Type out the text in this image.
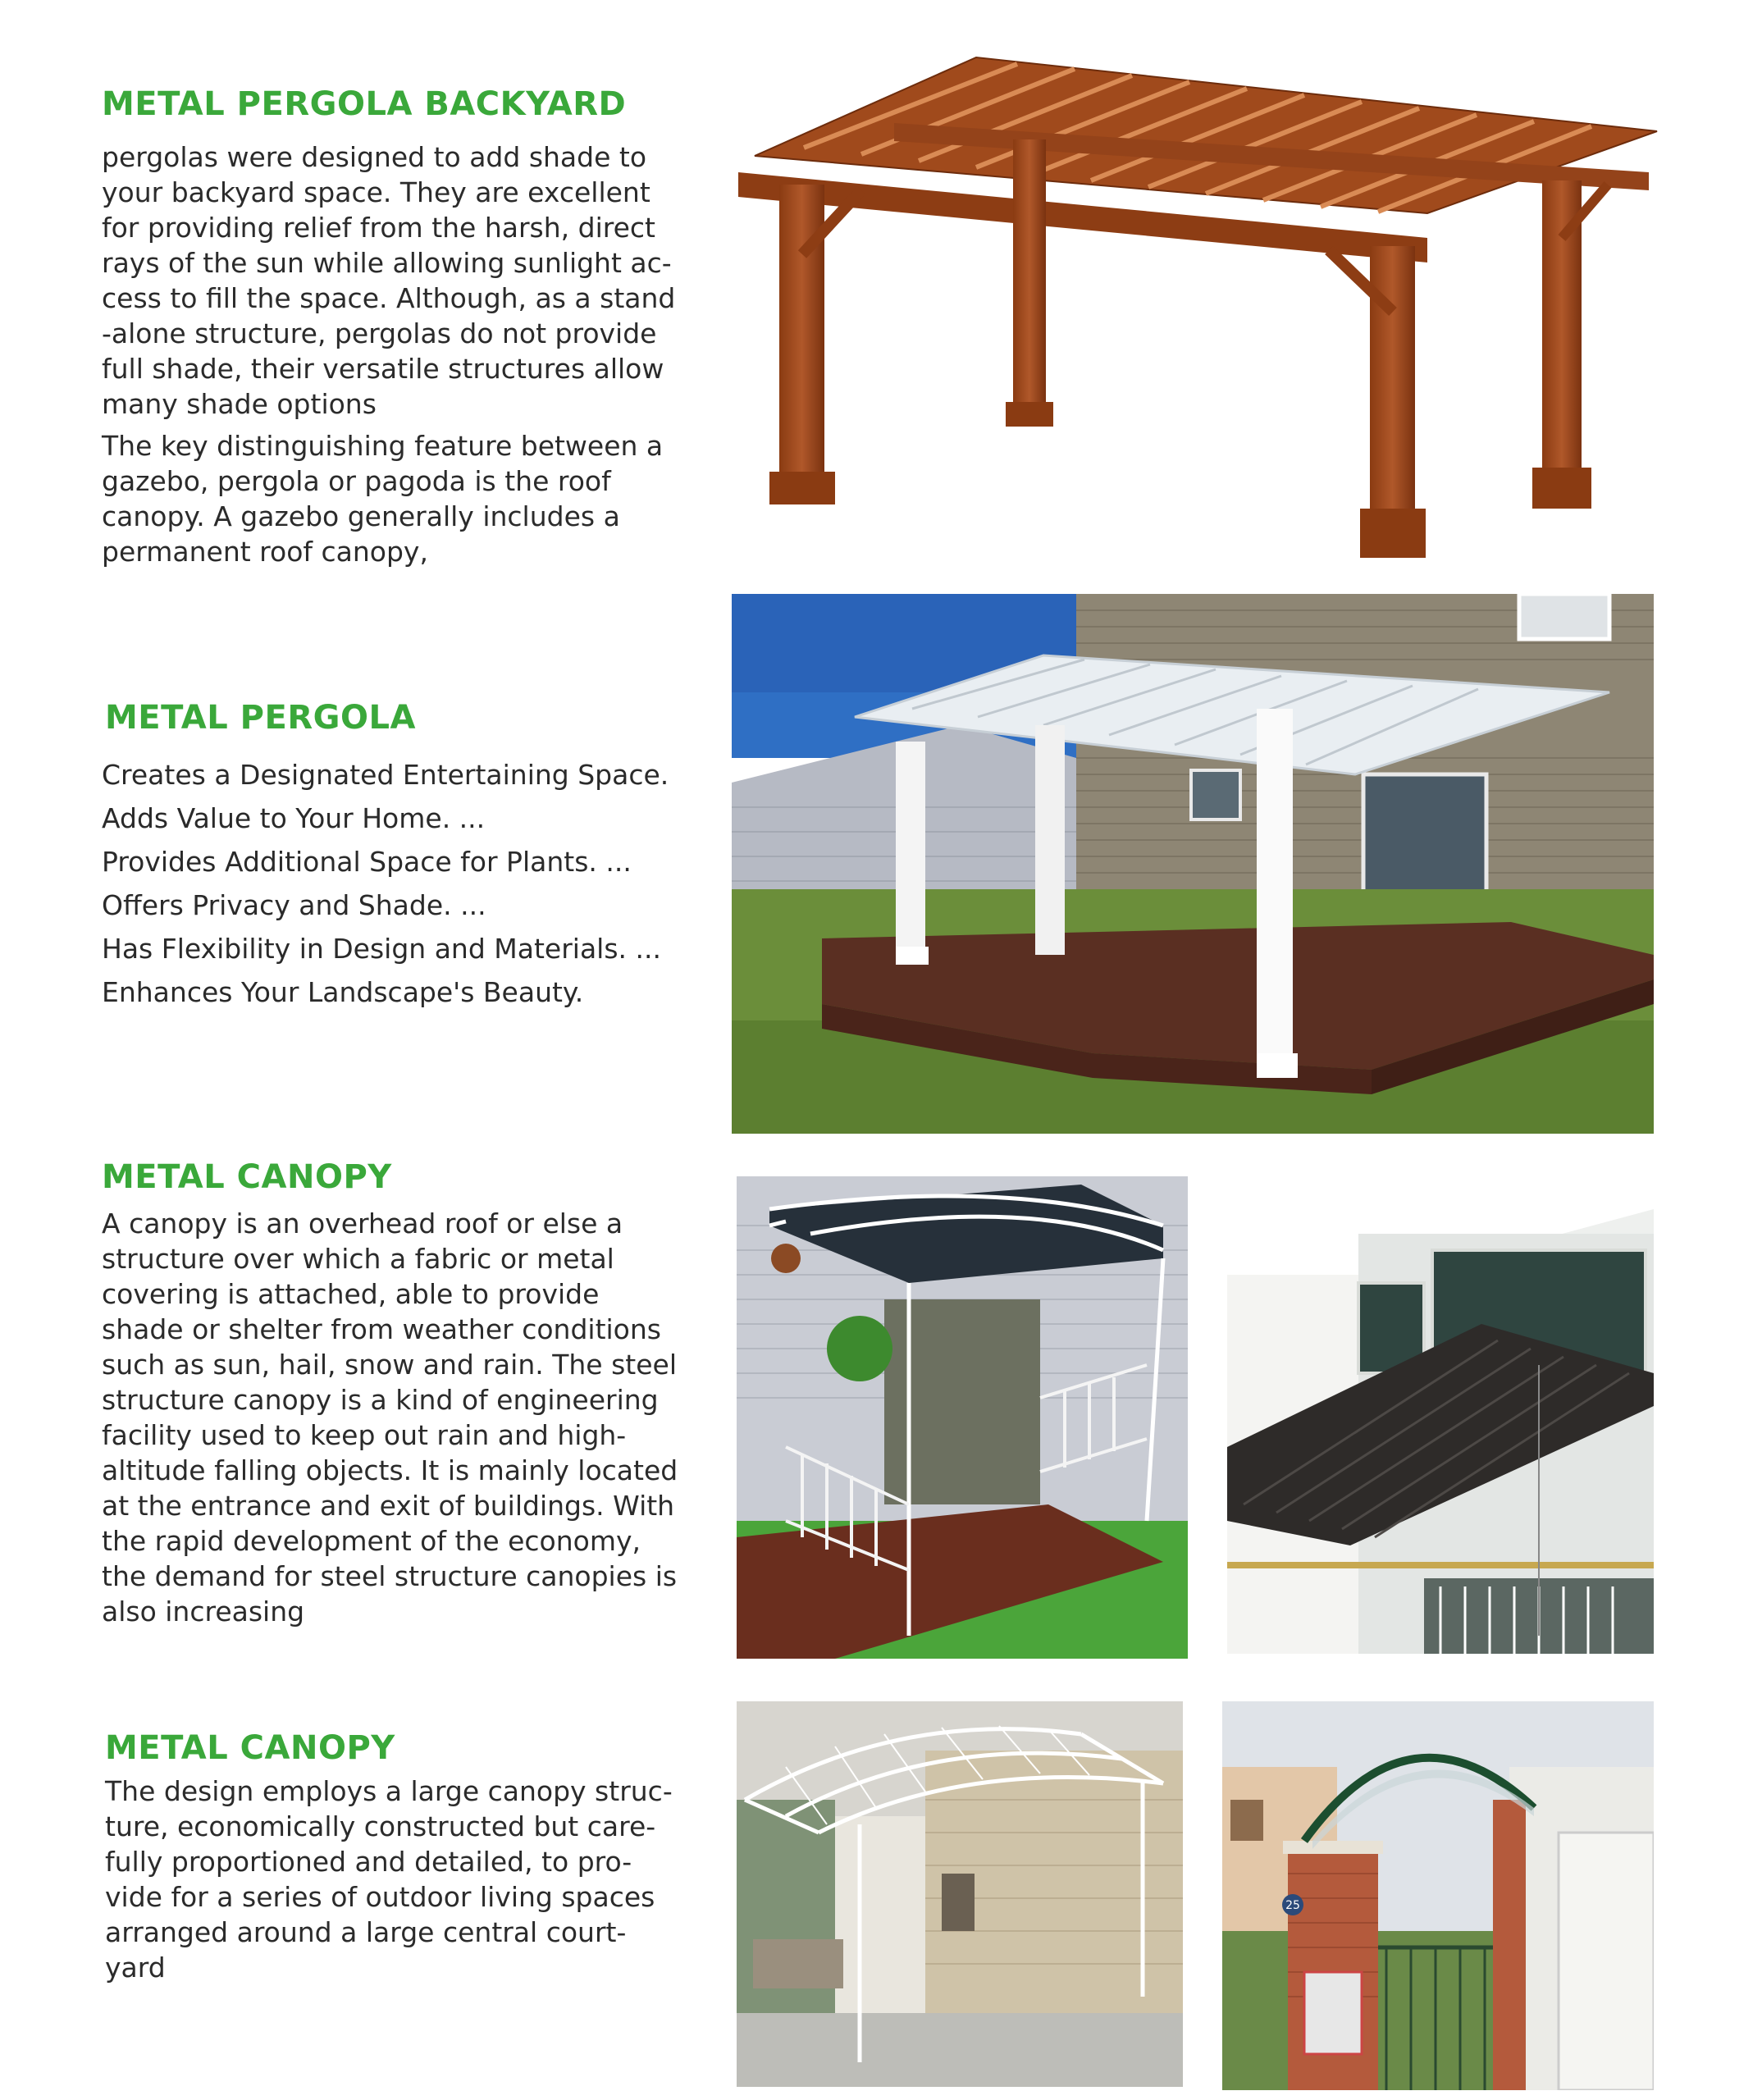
METAL PERGOLA BACKYARD

pergolas were designed to add shade to
your backyard space. They are excellent
for providing relief from the harsh, direct
rays of the sun while allowing sunlight ac-
cess to fill the space. Although, as a stand
-alone structure, pergolas do not provide
full shade, their versatile structures allow
many shade options

The key distinguishing feature between a
gazebo, pergola or pagoda is the roof
canopy. A gazebo generally includes a
permanent roof canopy,

METAL PERGOLA
Creates a Designated Entertaining Space.
Adds Value to Your Home. ...
Provides Additional Space for Plants. ...
Offers Privacy and Shade. ...
Has Flexibility in Design and Materials. ...
Enhances Your Landscape's Beauty.
METAL CANOPY

A canopy is an overhead roof or else a
structure over which a fabric or metal
covering is attached, able to provide
shade or shelter from weather conditions
such as sun, hail, snow and rain. The steel
structure canopy is a kind of engineering
facility used to keep out rain and high-
altitude falling objects. It is mainly located
at the entrance and exit of buildings. With
the rapid development of the economy,
the demand for steel structure canopies is
also increasing

METAL CANOPY

The design employs a large canopy struc-
ture, economically constructed but care-
fully proportioned and detailed, to pro-
vide for a series of outdoor living spaces
arranged around a large central court-
yard

25
